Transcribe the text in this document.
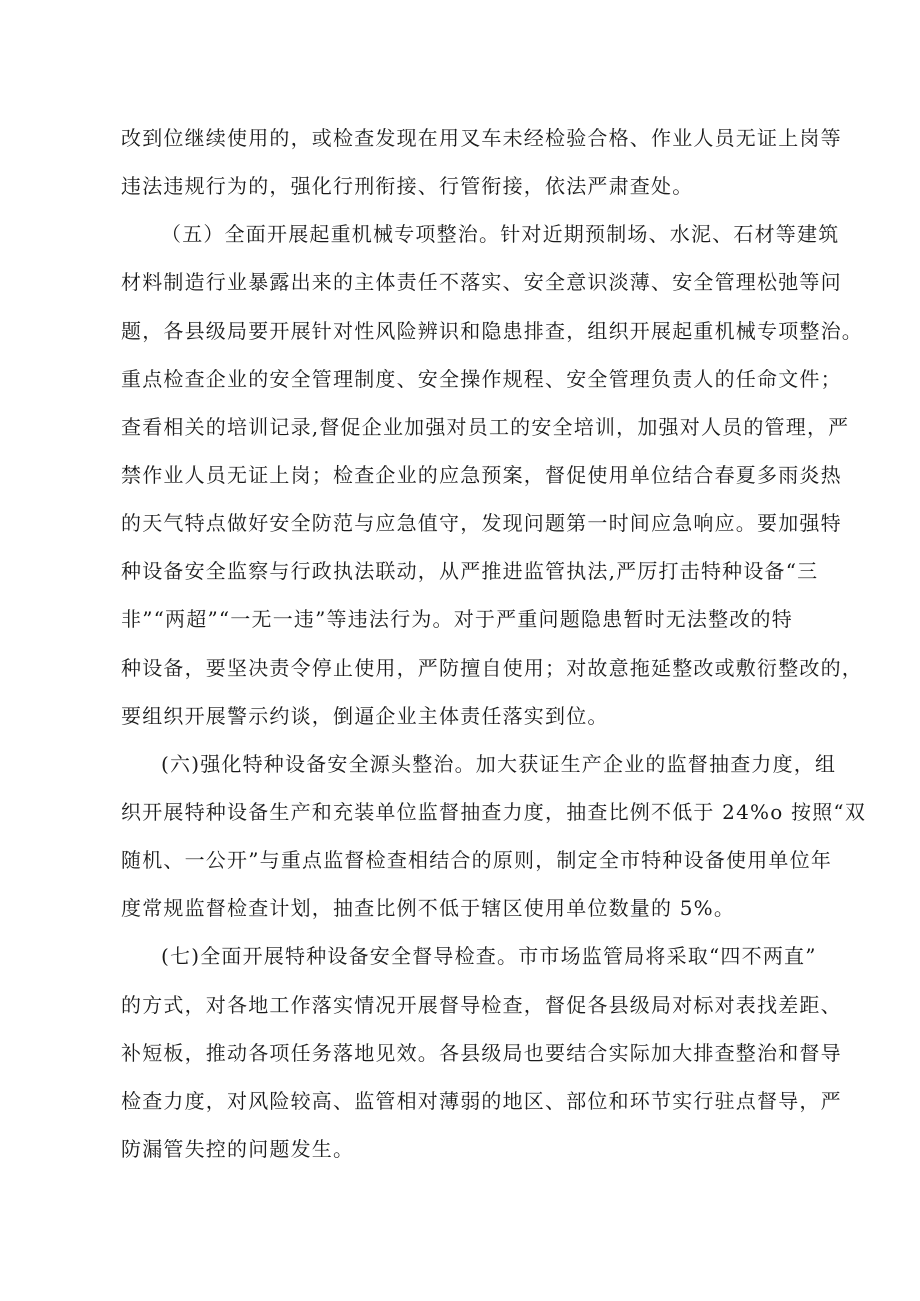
改到位继续使用的，或检查发现在用叉车未经检验合格、作业人员无证上岗等
违法违规行为的，强化行刑衔接、行管衔接，依法严肃查处。
（五）全面开展起重机械专项整治。针对近期预制场、水泥、石材等建筑
材料制造行业暴露出来的主体责任不落实、安全意识淡薄、安全管理松弛等问
题，各县级局要开展针对性风险辨识和隐患排查，组织开展起重机械专项整治。
重点检查企业的安全管理制度、安全操作规程、安全管理负责人的任命文件；
查看相关的培训记录,督促企业加强对员工的安全培训，加强对人员的管理，严
禁作业人员无证上岗；检查企业的应急预案，督促使用单位结合春夏多雨炎热
的天气特点做好安全防范与应急值守，发现问题第一时间应急响应。要加强特
种设备安全监察与行政执法联动，从严推进监管执法,严厉打击特种设备“三
非”“两超”“一无一违”等违法行为。对于严重问题隐患暂时无法整改的特
种设备，要坚决责令停止使用，严防擅自使用；对故意拖延整改或敷衍整改的，
要组织开展警示约谈，倒逼企业主体责任落实到位。
(六)强化特种设备安全源头整治。加大获证生产企业的监督抽查力度，组
织开展特种设备生产和充装单位监督抽查力度，抽查比例不低于 24%o 按照“双
随机、一公开”与重点监督检查相结合的原则，制定全市特种设备使用单位年
度常规监督检查计划，抽查比例不低于辖区使用单位数量的 5%。
(七)全面开展特种设备安全督导检查。市市场监管局将采取“四不两直”
的方式，对各地工作落实情况开展督导检查，督促各县级局对标对表找差距、
补短板，推动各项任务落地见效。各县级局也要结合实际加大排查整治和督导
检查力度，对风险较高、监管相对薄弱的地区、部位和环节实行驻点督导，严
防漏管失控的问题发生。
